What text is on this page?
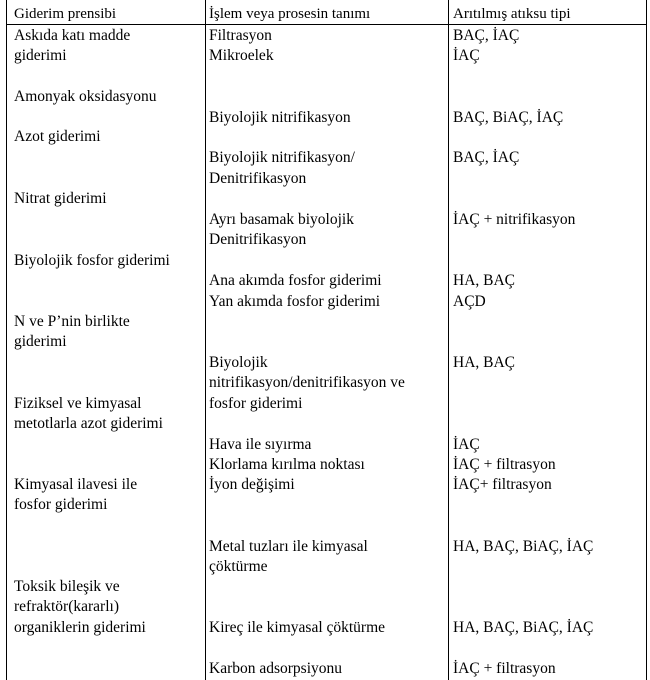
Giderim prensibi	İşlem veya prosesin tanımı	Arıtılmış atıksu tipi
Askıda katı madde
giderimi
Amonyak oksidasyonu
Azot giderimi
Nitrat giderimi
Biyolojik fosfor giderimi
N ve P’nin birlikte
giderimi
Fiziksel ve kimyasal
metotlarla azot giderimi
Kimyasal ilavesi ile
fosfor giderimi
Toksik bileşik ve
refraktör(kararlı)
organiklerin giderimi
Filtrasyon
Mikroelek
Biyolojik nitrifikasyon
Biyolojik nitrifikasyon/
Denitrifikasyon
Ayrı basamak biyolojik
Denitrifikasyon
Ana akımda fosfor giderimi
Yan akımda fosfor giderimi
Biyolojik
nitrifikasyon/denitrifikasyon ve
fosfor giderimi
Hava ile sıyırma
Klorlama kırılma noktası
İyon değişimi
Metal tuzları ile kimyasal
çöktürme
Kireç ile kimyasal çöktürme
Karbon adsorpsiyonu
BAÇ, İAÇ
İAÇ
BAÇ, BiAÇ, İAÇ
BAÇ, İAÇ
İAÇ + nitrifikasyon
HA, BAÇ
AÇD
HA, BAÇ
İAÇ
İAÇ + filtrasyon
İAÇ+ filtrasyon
HA, BAÇ, BiAÇ, İAÇ
HA, BAÇ, BiAÇ, İAÇ
İAÇ + filtrasyon
